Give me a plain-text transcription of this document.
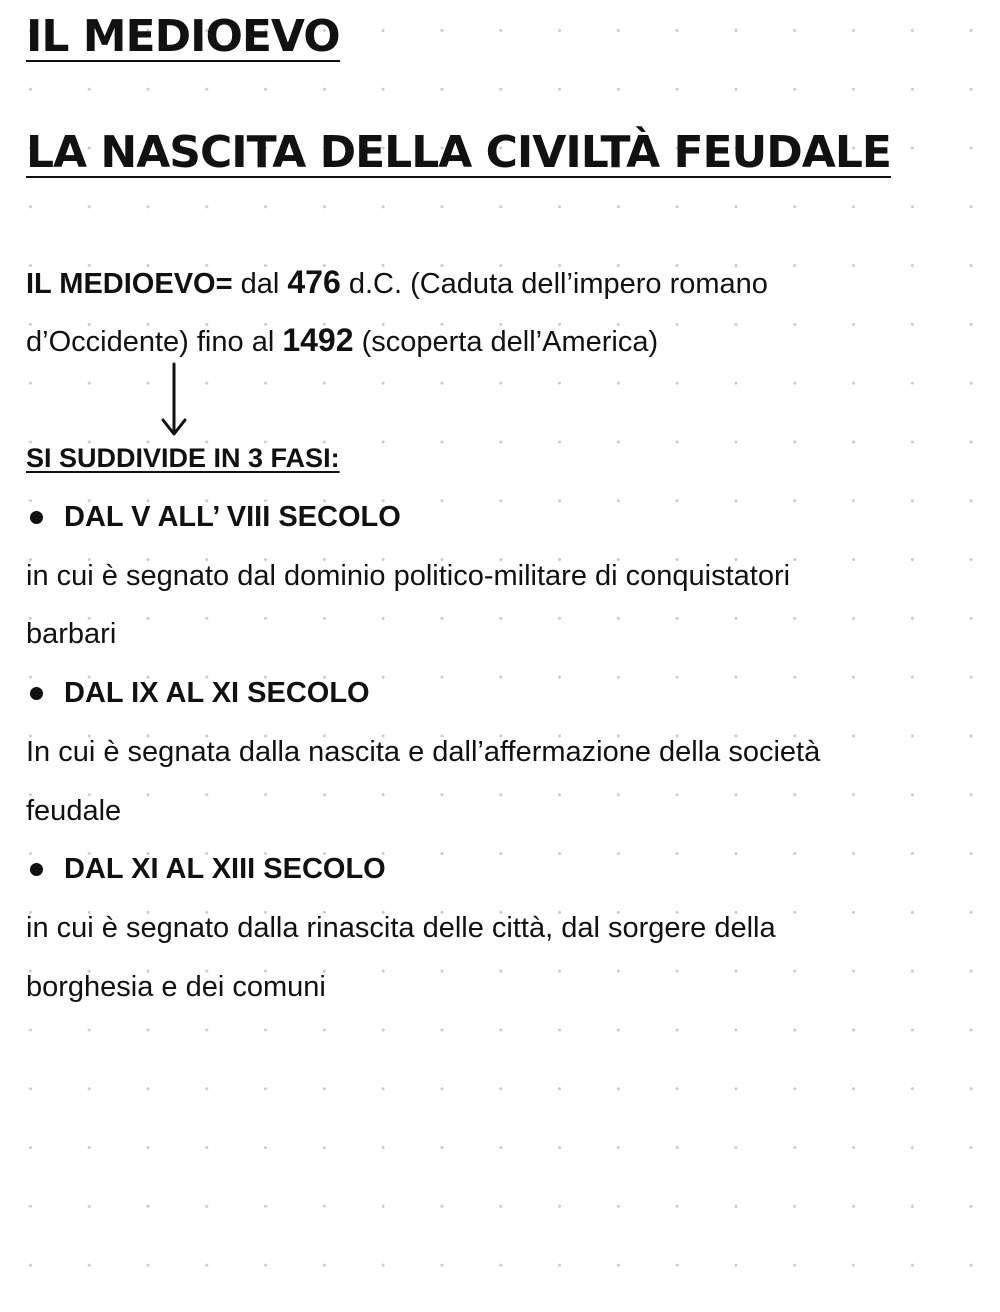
IL MEDIOEVO
LA NASCITA DELLA CIVILTÀ FEUDALE
IL MEDIOEVO= dal 476 d.C. (Caduta dell’impero romano
d’Occidente) fino al 1492 (scoperta dell’America)
SI SUDDIVIDE IN 3 FASI:
DAL V ALL’ VIII SECOLO
in cui è segnato dal dominio politico-militare di conquistatori
barbari
DAL IX AL XI SECOLO
In cui è segnata dalla nascita e dall’affermazione della società
feudale
DAL XI AL XIII SECOLO
in cui è segnato dalla rinascita delle città, dal sorgere della
borghesia e dei comuni
